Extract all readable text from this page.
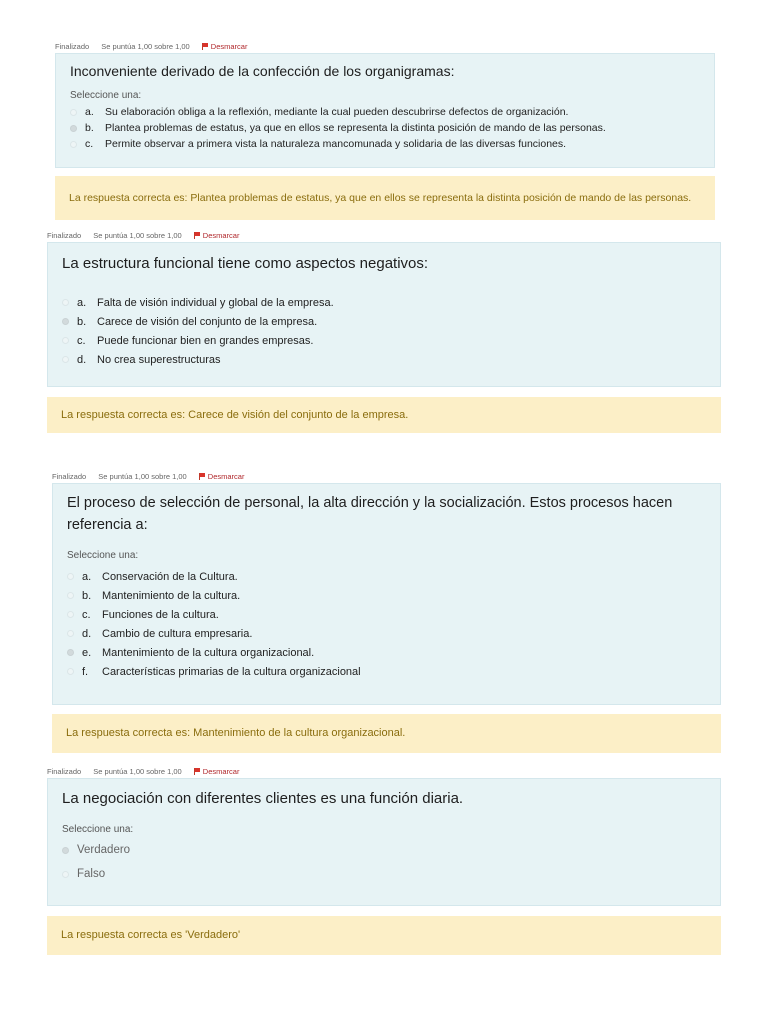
Finalizado Se puntúa 1,00 sobre 1,00	Desmarcar
Inconveniente derivado de la confección de los organigramas:
Seleccione una:
a.	Su elaboración obliga a la reflexión, mediante la cual pueden descubrirse defectos de organización.
b.	Plantea problemas de estatus, ya que en ellos se representa la distinta posición de mando de las personas.
c.	Permite observar a primera vista la naturaleza mancomunada y solidaria de las diversas funciones.
La respuesta correcta es: Plantea problemas de estatus, ya que en ellos se representa la distinta posición de mando de las personas.
Finalizado Se puntúa 1,00 sobre 1,00	Desmarcar
La estructura funcional tiene como aspectos negativos:
a. Falta de visión individual y global de la empresa.
b. Carece de visión del conjunto de la empresa.
c.	Puede funcionar bien en grandes empresas.
d. No crea superestructuras
La respuesta correcta es: Carece de visión del conjunto de la empresa.
Finalizado Se puntúa 1,00 sobre 1,00	Desmarcar
El proceso de selección de personal, la alta dirección y la socialización. Estos procesos hacen referencia a:
Seleccione una:
a. Conservación de la Cultura.
b. Mantenimiento de la cultura.
c.	Funciones de la cultura.
d. Cambio de cultura empresaria.
e. Mantenimiento de la cultura organizacional.
f.	Características primarias de la cultura organizacional
La respuesta correcta es: Mantenimiento de la cultura organizacional.
Finalizado Se puntúa 1,00 sobre 1,00	Desmarcar
La negociación con diferentes clientes es una función diaria.
Seleccione una:
Verdadero
Falso
La respuesta correcta es 'Verdadero'
